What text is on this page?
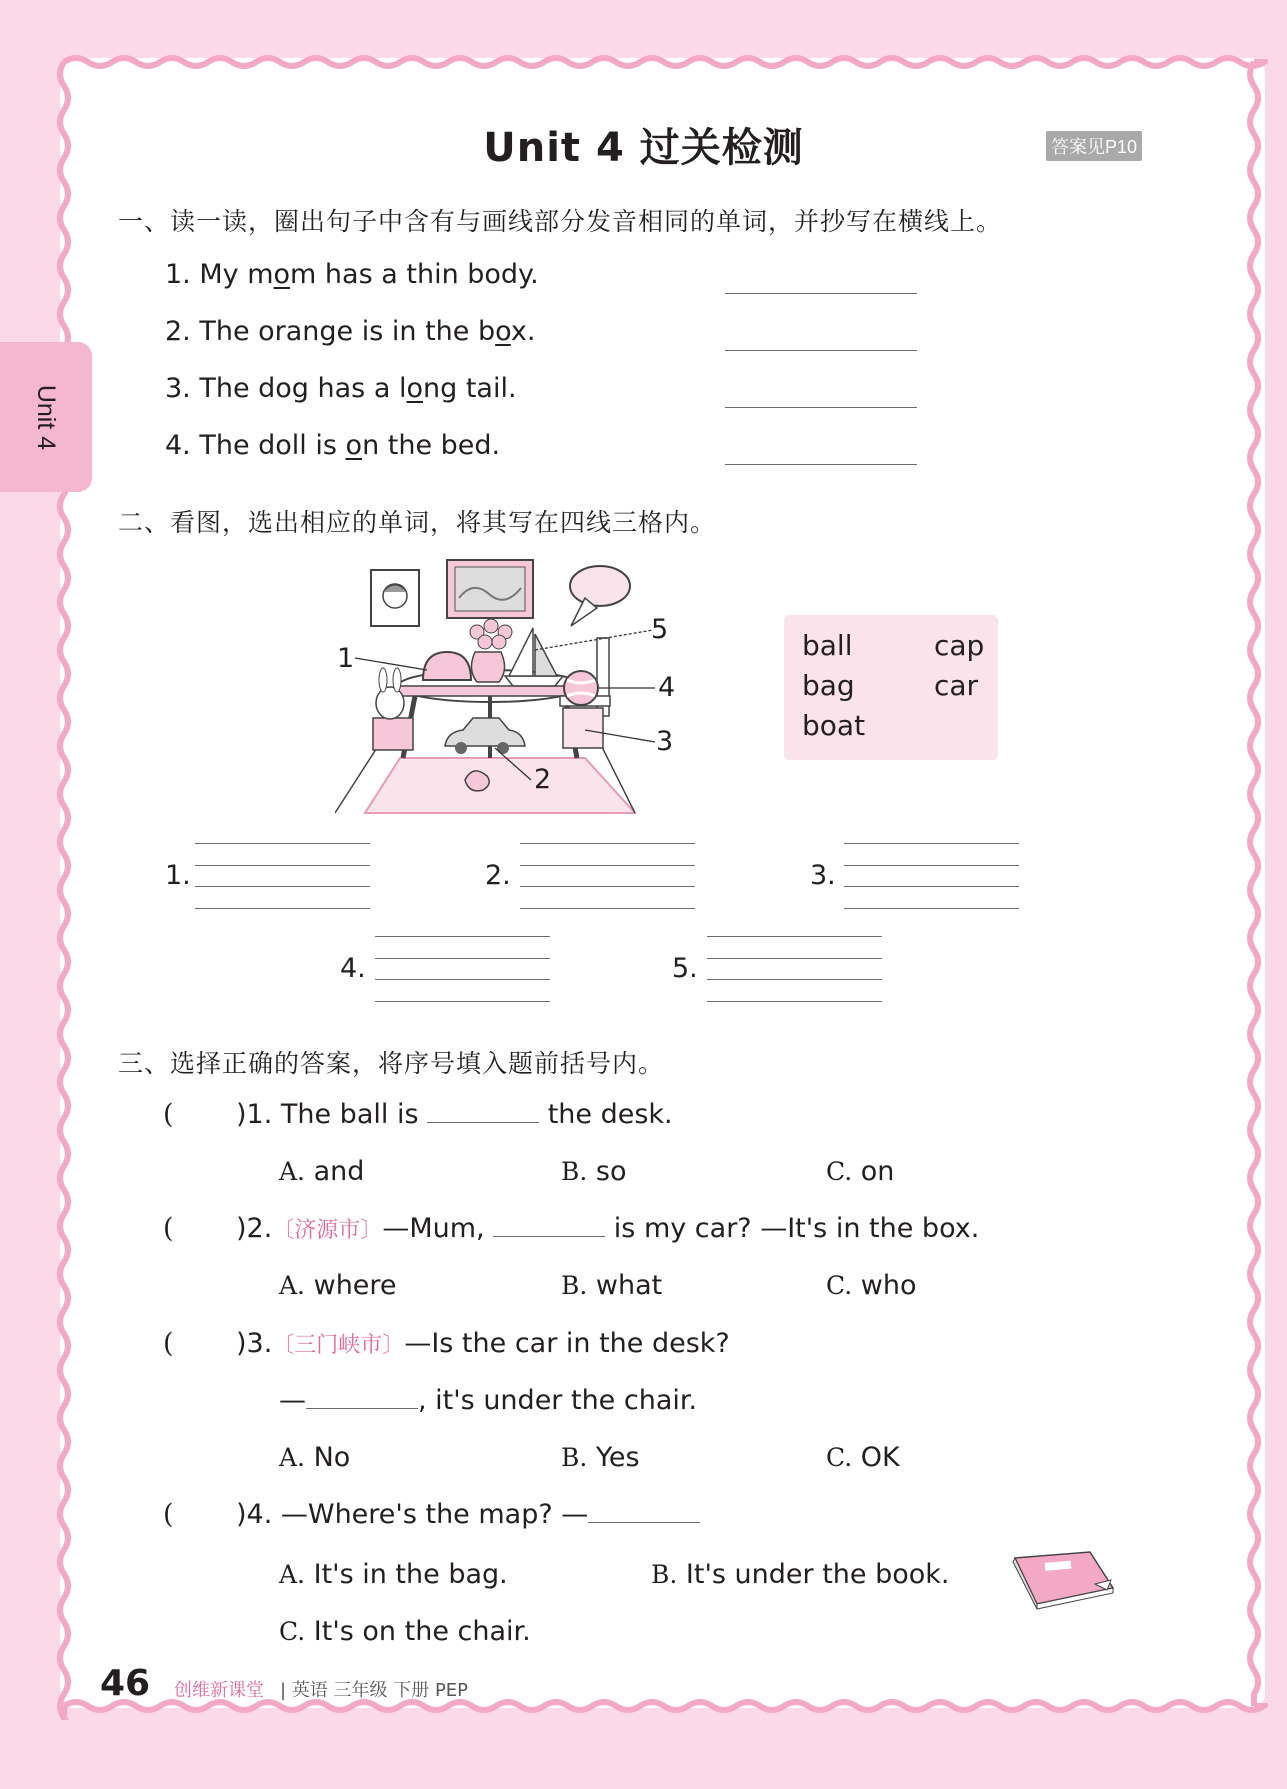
Unit 4
Unit 4 过关检测	答案见P10
一、读一读，圈出句子中含有与画线部分发音相同的单词，并抄写在横线上。
1. My mom has a thin body.
2. The orange is in the box.
3. The dog has a long tail.
4. The doll is on the bed.
二、看图，选出相应的单词，将其写在四线三格内。
1
2
3
4
5	ball	cap
bag	car
boat
1.	2.	3.
4.	5.
三、选择正确的答案，将序号填入题前括号内。
( )1. The ball is	the desk.
A. and	B. so	C. on
( )2.〔济源市〕—Mum,	is my car? —It's in the box.
A. where	B. what	C. who
( )3.〔三门峡市〕—Is the car in the desk?
—	, it's under the chair.
A. No	B. Yes	C. OK
( )4. —Where's the map? —
A. It's in the bag.	B. It's under the book.
C. It's on the chair.
46 创维新课堂 | 英语 三年级 下册 PEP
